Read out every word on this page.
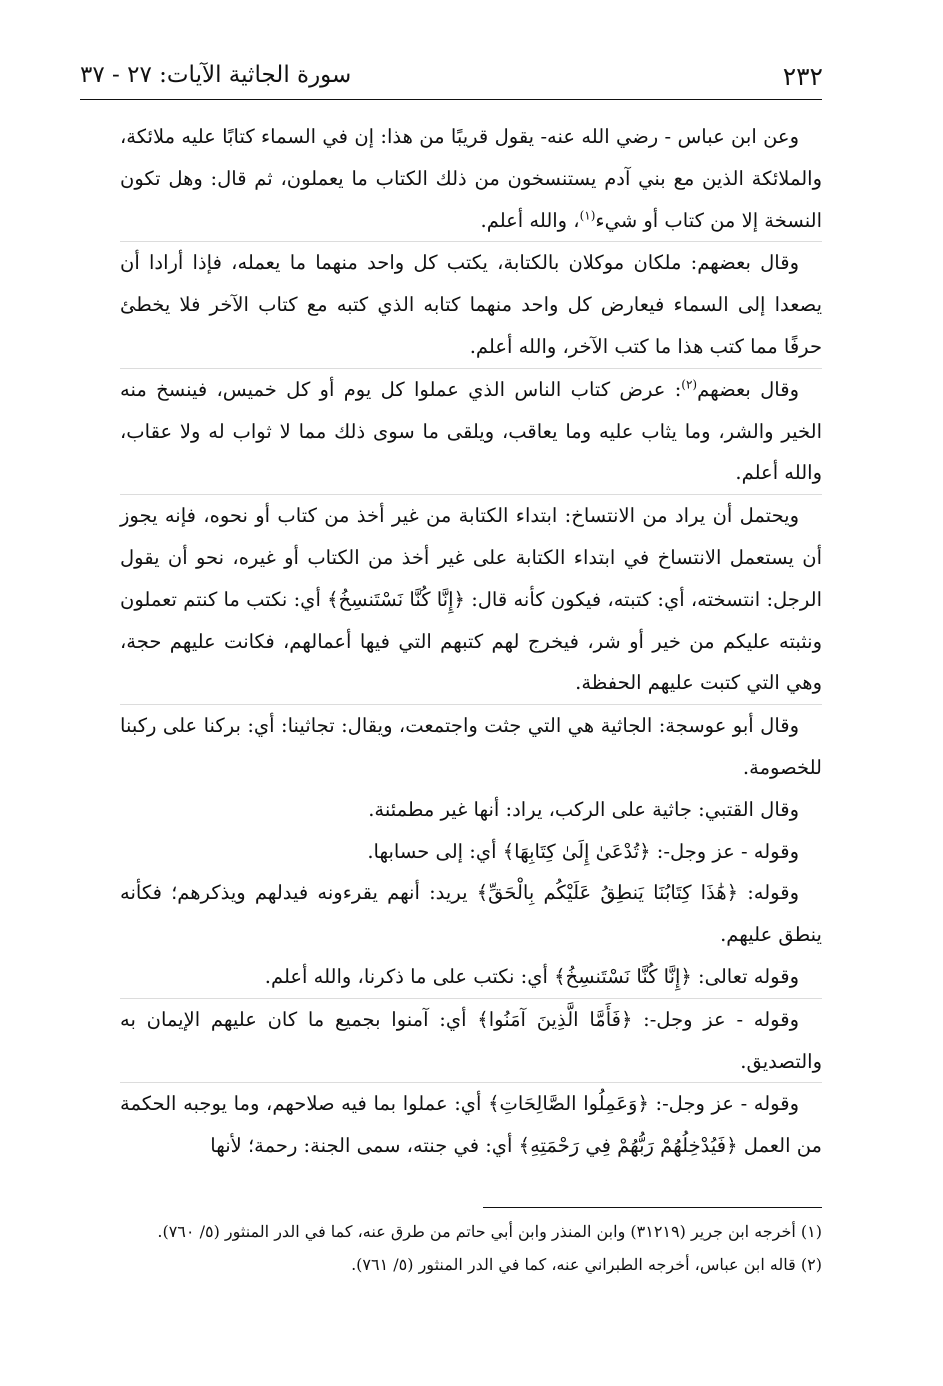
٢٣٢
سورة الجاثية الآيات: ٢٧ - ٣٧

وعن ابن عباس - رضي الله عنه- يقول قريبًا من هذا: إن في السماء كتابًا عليه ملائكة، والملائكة الذين مع بني آدم يستنسخون من ذلك الكتاب ما يعملون، ثم قال: وهل تكون النسخة إلا من كتاب أو شيء$^{(١)}$، والله أعلم.

وقال بعضهم: ملكان موكلان بالكتابة، يكتب كل واحد منهما ما يعمله، فإذا أرادا أن يصعدا إلى السماء فيعارض كل واحد منهما كتابه الذي كتبه مع كتاب الآخر فلا يخطئ حرفًا مما كتب هذا ما كتب الآخر، والله أعلم.

وقال بعضهم$^{(٢)}$: عرض كتاب الناس الذي عملوا كل يوم أو كل خميس، فينسخ منه الخير والشر، وما يثاب عليه وما يعاقب، ويلقى ما سوى ذلك مما لا ثواب له ولا عقاب، والله أعلم.

ويحتمل أن يراد من الانتساخ: ابتداء الكتابة من غير أخذ من كتاب أو نحوه، فإنه يجوز أن يستعمل الانتساخ في ابتداء الكتابة على غير أخذ من الكتاب أو غيره، نحو أن يقول الرجل: انتسخته، أي: كتبته، فيكون كأنه قال: ﴿إِنَّا كُنَّا نَسْتَنسِخُ﴾ أي: نكتب ما كنتم تعملون ونثبته عليكم من خير أو شر، فيخرج لهم كتبهم التي فيها أعمالهم، فكانت عليهم حجة، وهي التي كتبت عليهم الحفظة.

وقال أبو عوسجة: الجاثية هي التي جثت واجتمعت، ويقال: تجاثينا: أي: بركنا على ركبنا للخصومة.

وقال القتبي: جاثية على الركب، يراد: أنها غير مطمئنة.

وقوله - عز وجل-: ﴿تُدْعَىٰ إِلَىٰ كِتَابِهَا﴾ أي: إلى حسابها.

وقوله: ﴿هَٰذَا كِتَابُنَا يَنطِقُ عَلَيْكُم بِالْحَقِّ﴾ يريد: أنهم يقرءونه فيدلهم ويذكرهم؛ فكأنه ينطق عليهم.

وقوله تعالى: ﴿إِنَّا كُنَّا نَسْتَنسِخُ﴾ أي: نكتب على ما ذكرنا، والله أعلم.

وقوله - عز وجل-: ﴿فَأَمَّا الَّذِينَ آمَنُوا﴾ أي: آمنوا بجميع ما كان عليهم الإيمان به والتصديق.

وقوله - عز وجل-: ﴿وَعَمِلُوا الصَّالِحَاتِ﴾ أي: عملوا بما فيه صلاحهم، وما يوجبه الحكمة من العمل ﴿فَيُدْخِلُهُمْ رَبُّهُمْ فِي رَحْمَتِهِ﴾ أي: في جنته، سمى الجنة: رحمة؛ لأنها

(١) أخرجه ابن جرير (٣١٢١٩) وابن المنذر وابن أبي حاتم من طرق عنه، كما في الدر المنثور (٥/ ٧٦٠).

(٢) قاله ابن عباس، أخرجه الطبراني عنه، كما في الدر المنثور (٥/ ٧٦١).
